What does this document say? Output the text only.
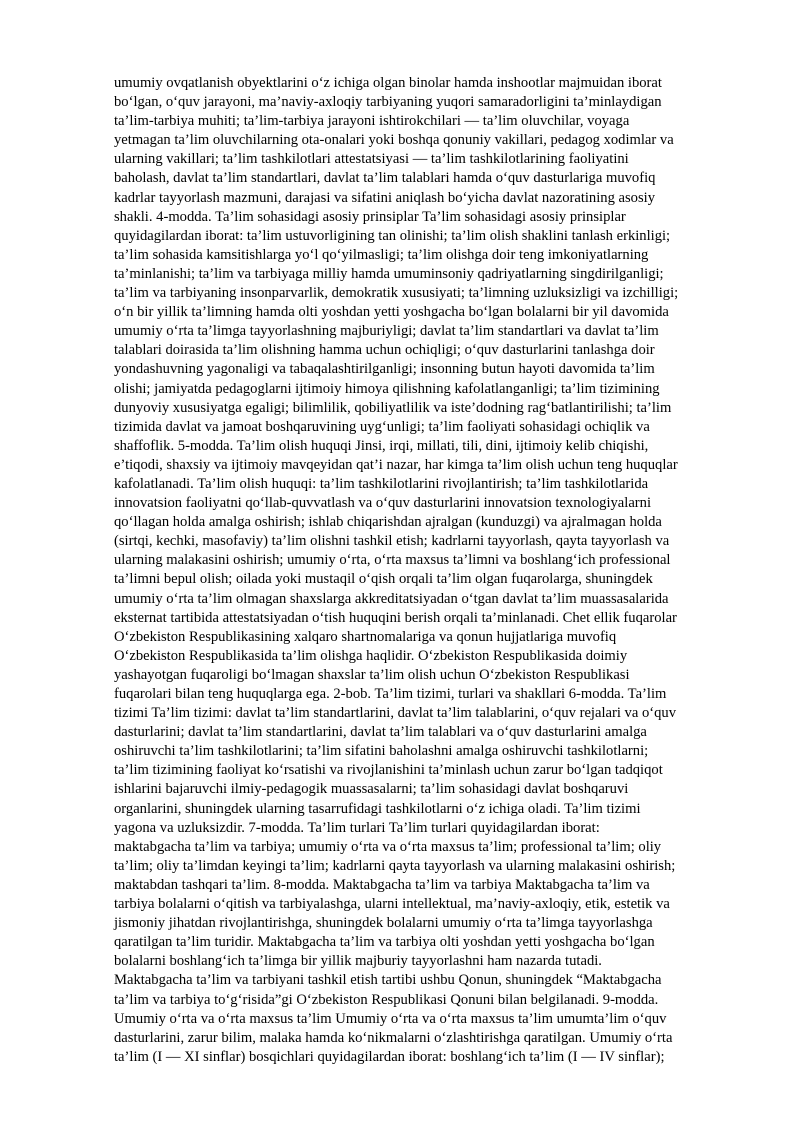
umumiy ovqatlanish obyektlarini o‘z ichiga olgan binolar hamda inshootlar majmuidan iborat
bo‘lgan, o‘quv jarayoni, ma’naviy-axloqiy tarbiyaning yuqori samaradorligini ta’minlaydigan
ta’lim-tarbiya muhiti; ta’lim-tarbiya jarayoni ishtirokchilari — ta’lim oluvchilar, voyaga
yetmagan ta’lim oluvchilarning ota-onalari yoki boshqa qonuniy vakillari, pedagog xodimlar va
ularning vakillari; ta’lim tashkilotlari attestatsiyasi — ta’lim tashkilotlarining faoliyatini
baholash, davlat ta’lim standartlari, davlat ta’lim talablari hamda o‘quv dasturlariga muvofiq
kadrlar tayyorlash mazmuni, darajasi va sifatini aniqlash bo‘yicha davlat nazoratining asosiy
shakli. 4-modda. Ta’lim sohasidagi asosiy prinsiplar Ta’lim sohasidagi asosiy prinsiplar
quyidagilardan iborat: ta’lim ustuvorligining tan olinishi; ta’lim olish shaklini tanlash erkinligi;
ta’lim sohasida kamsitishlarga yo‘l qo‘yilmasligi; ta’lim olishga doir teng imkoniyatlarning
ta’minlanishi; ta’lim va tarbiyaga milliy hamda umuminsoniy qadriyatlarning singdirilganligi;
ta’lim va tarbiyaning insonparvarlik, demokratik xususiyati; ta’limning uzluksizligi va izchilligi;
o‘n bir yillik ta’limning hamda olti yoshdan yetti yoshgacha bo‘lgan bolalarni bir yil davomida
umumiy o‘rta ta’limga tayyorlashning majburiyligi; davlat ta’lim standartlari va davlat ta’lim
talablari doirasida ta’lim olishning hamma uchun ochiqligi; o‘quv dasturlarini tanlashga doir
yondashuvning yagonaligi va tabaqalashtirilganligi; insonning butun hayoti davomida ta’lim
olishi; jamiyatda pedagoglarni ijtimoiy himoya qilishning kafolatlanganligi; ta’lim tizimining
dunyoviy xususiyatga egaligi; bilimlilik, qobiliyatlilik va iste’dodning rag‘batlantirilishi; ta’lim
tizimida davlat va jamoat boshqaruvining uyg‘unligi; ta’lim faoliyati sohasidagi ochiqlik va
shaffoflik. 5-modda. Ta’lim olish huquqi Jinsi, irqi, millati, tili, dini, ijtimoiy kelib chiqishi,
e’tiqodi, shaxsiy va ijtimoiy mavqeyidan qat’i nazar, har kimga ta’lim olish uchun teng huquqlar
kafolatlanadi. Ta’lim olish huquqi: ta’lim tashkilotlarini rivojlantirish; ta’lim tashkilotlarida
innovatsion faoliyatni qo‘llab-quvvatlash va o‘quv dasturlarini innovatsion texnologiyalarni
qo‘llagan holda amalga oshirish; ishlab chiqarishdan ajralgan (kunduzgi) va ajralmagan holda
(sirtqi, kechki, masofaviy) ta’lim olishni tashkil etish; kadrlarni tayyorlash, qayta tayyorlash va
ularning malakasini oshirish; umumiy o‘rta, o‘rta maxsus ta’limni va boshlang‘ich professional
ta’limni bepul olish; oilada yoki mustaqil o‘qish orqali ta’lim olgan fuqarolarga, shuningdek
umumiy o‘rta ta’lim olmagan shaxslarga akkreditatsiyadan o‘tgan davlat ta’lim muassasalarida
eksternat tartibida attestatsiyadan o‘tish huquqini berish orqali ta’minlanadi. Chet ellik fuqarolar
O‘zbekiston Respublikasining xalqaro shartnomalariga va qonun hujjatlariga muvofiq
O‘zbekiston Respublikasida ta’lim olishga haqlidir. O‘zbekiston Respublikasida doimiy
yashayotgan fuqaroligi bo‘lmagan shaxslar ta’lim olish uchun O‘zbekiston Respublikasi
fuqarolari bilan teng huquqlarga ega. 2-bob. Ta’lim tizimi, turlari va shakllari 6-modda. Ta’lim
tizimi Ta’lim tizimi: davlat ta’lim standartlarini, davlat ta’lim talablarini, o‘quv rejalari va o‘quv
dasturlarini; davlat ta’lim standartlarini, davlat ta’lim talablari va o‘quv dasturlarini amalga
oshiruvchi ta’lim tashkilotlarini; ta’lim sifatini baholashni amalga oshiruvchi tashkilotlarni;
ta’lim tizimining faoliyat ko‘rsatishi va rivojlanishini ta’minlash uchun zarur bo‘lgan tadqiqot
ishlarini bajaruvchi ilmiy-pedagogik muassasalarni; ta’lim sohasidagi davlat boshqaruvi
organlarini, shuningdek ularning tasarrufidagi tashkilotlarni o‘z ichiga oladi. Ta’lim tizimi
yagona va uzluksizdir. 7-modda. Ta’lim turlari Ta’lim turlari quyidagilardan iborat:
maktabgacha ta’lim va tarbiya; umumiy o‘rta va o‘rta maxsus ta’lim; professional ta’lim; oliy
ta’lim; oliy ta’limdan keyingi ta’lim; kadrlarni qayta tayyorlash va ularning malakasini oshirish;
maktabdan tashqari ta’lim. 8-modda. Maktabgacha ta’lim va tarbiya Maktabgacha ta’lim va
tarbiya bolalarni o‘qitish va tarbiyalashga, ularni intellektual, ma’naviy-axloqiy, etik, estetik va
jismoniy jihatdan rivojlantirishga, shuningdek bolalarni umumiy o‘rta ta’limga tayyorlashga
qaratilgan ta’lim turidir. Maktabgacha ta’lim va tarbiya olti yoshdan yetti yoshgacha bo‘lgan
bolalarni boshlang‘ich ta’limga bir yillik majburiy tayyorlashni ham nazarda tutadi.
Maktabgacha ta’lim va tarbiyani tashkil etish tartibi ushbu Qonun, shuningdek “Maktabgacha
ta’lim va tarbiya to‘g‘risida”gi O‘zbekiston Respublikasi Qonuni bilan belgilanadi. 9-modda.
Umumiy o‘rta va o‘rta maxsus ta’lim Umumiy o‘rta va o‘rta maxsus ta’lim umumta’lim o‘quv
dasturlarini, zarur bilim, malaka hamda ko‘nikmalarni o‘zlashtirishga qaratilgan. Umumiy o‘rta
ta’lim (I — XI sinflar) bosqichlari quyidagilardan iborat: boshlang‘ich ta’lim (I — IV sinflar);
